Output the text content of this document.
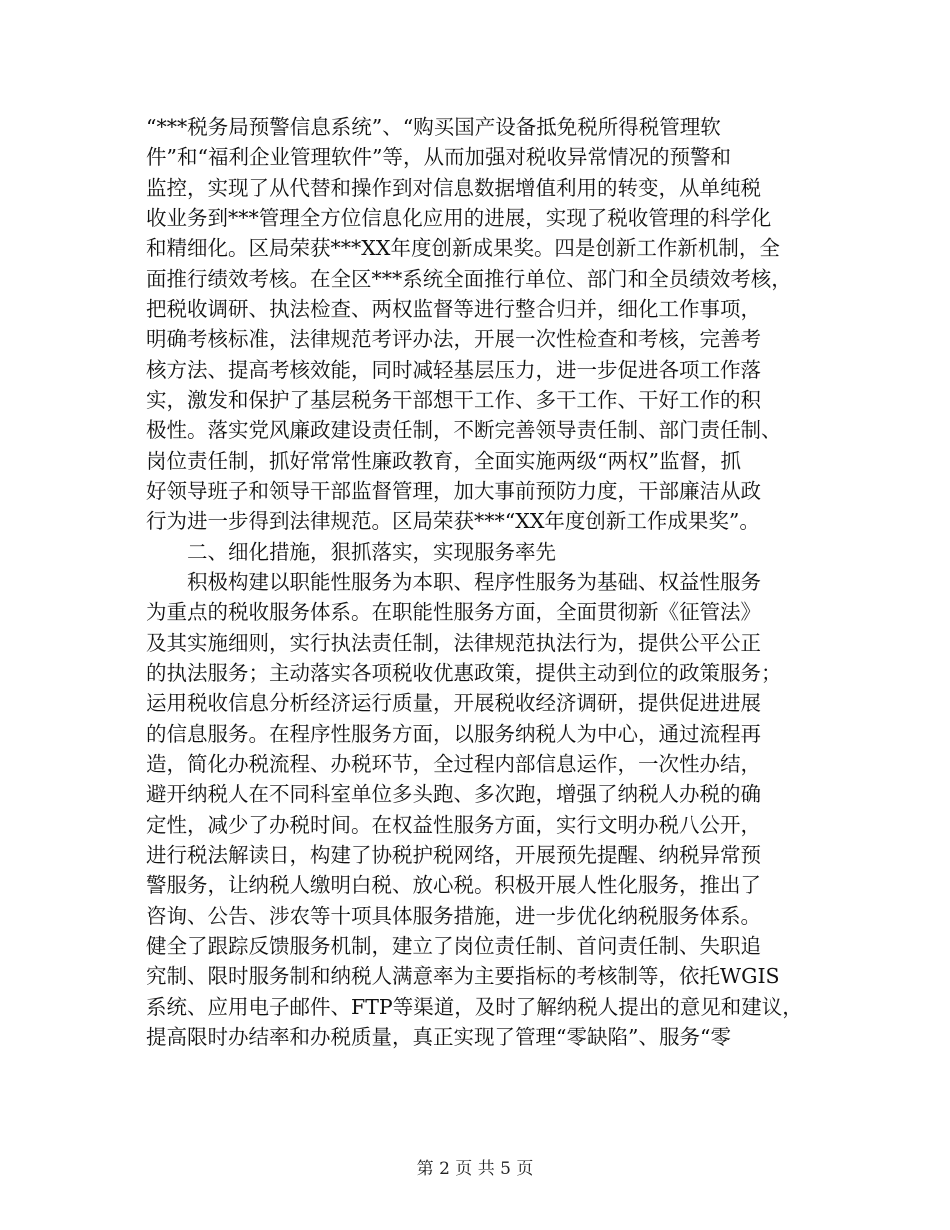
“***税务局预警信息系统”、“购买国产设备抵免税所得税管理软
件”和“福利企业管理软件”等，从而加强对税收异常情况的预警和
监控，实现了从代替和操作到对信息数据增值利用的转变，从单纯税
收业务到***管理全方位信息化应用的进展，实现了税收管理的科学化
和精细化。区局荣获***XX年度创新成果奖。四是创新工作新机制，全
面推行绩效考核。在全区***系统全面推行单位、部门和全员绩效考核，
把税收调研、执法检查、两权监督等进行整合归并，细化工作事项，
明确考核标准，法律规范考评办法，开展一次性检查和考核，完善考
核方法、提高考核效能，同时减轻基层压力，进一步促进各项工作落
实，激发和保护了基层税务干部想干工作、多干工作、干好工作的积
极性。落实党风廉政建设责任制，不断完善领导责任制、部门责任制、
岗位责任制，抓好常常性廉政教育，全面实施两级“两权”监督，抓
好领导班子和领导干部监督管理，加大事前预防力度，干部廉洁从政
行为进一步得到法律规范。区局荣获***“XX年度创新工作成果奖”。
　　二、细化措施，狠抓落实，实现服务率先
　　积极构建以职能性服务为本职、程序性服务为基础、权益性服务
为重点的税收服务体系。在职能性服务方面，全面贯彻新《征管法》
及其实施细则，实行执法责任制，法律规范执法行为，提供公平公正
的执法服务；主动落实各项税收优惠政策，提供主动到位的政策服务；
运用税收信息分析经济运行质量，开展税收经济调研，提供促进进展
的信息服务。在程序性服务方面，以服务纳税人为中心，通过流程再
造，简化办税流程、办税环节，全过程内部信息运作，一次性办结，
避开纳税人在不同科室单位多头跑、多次跑，增强了纳税人办税的确
定性，减少了办税时间。在权益性服务方面，实行文明办税八公开，
进行税法解读日，构建了协税护税网络，开展预先提醒、纳税异常预
警服务，让纳税人缴明白税、放心税。积极开展人性化服务，推出了
咨询、公告、涉农等十项具体服务措施，进一步优化纳税服务体系。
健全了跟踪反馈服务机制，建立了岗位责任制、首问责任制、失职追
究制、限时服务制和纳税人满意率为主要指标的考核制等，依托WGIS
系统、应用电子邮件、FTP等渠道，及时了解纳税人提出的意见和建议，
提高限时办结率和办税质量，真正实现了管理“零缺陷”、服务“零
第 2 页 共 5 页
